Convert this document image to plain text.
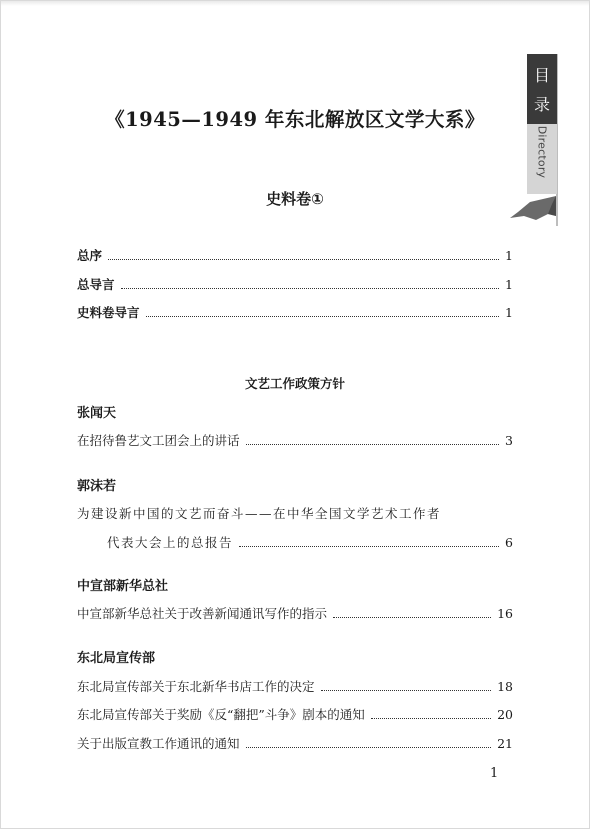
目
录
Directory
《1945—1949 年东北解放区文学大系》
史料卷①
总序	1
总导言	1
史料卷导言	1
文艺工作政策方针
张闻天
在招待鲁艺文工团会上的讲话	3
郭沫若
为建设新中国的文艺而奋斗——在中华全国文学艺术工作者
代表大会上的总报告	6
中宣部新华总社
中宣部新华总社关于改善新闻通讯写作的指示	16
东北局宣传部
东北局宣传部关于东北新华书店工作的决定	18
东北局宣传部关于奖励《反“翻把”斗争》剧本的通知	20
关于出版宣教工作通讯的通知	21
1
